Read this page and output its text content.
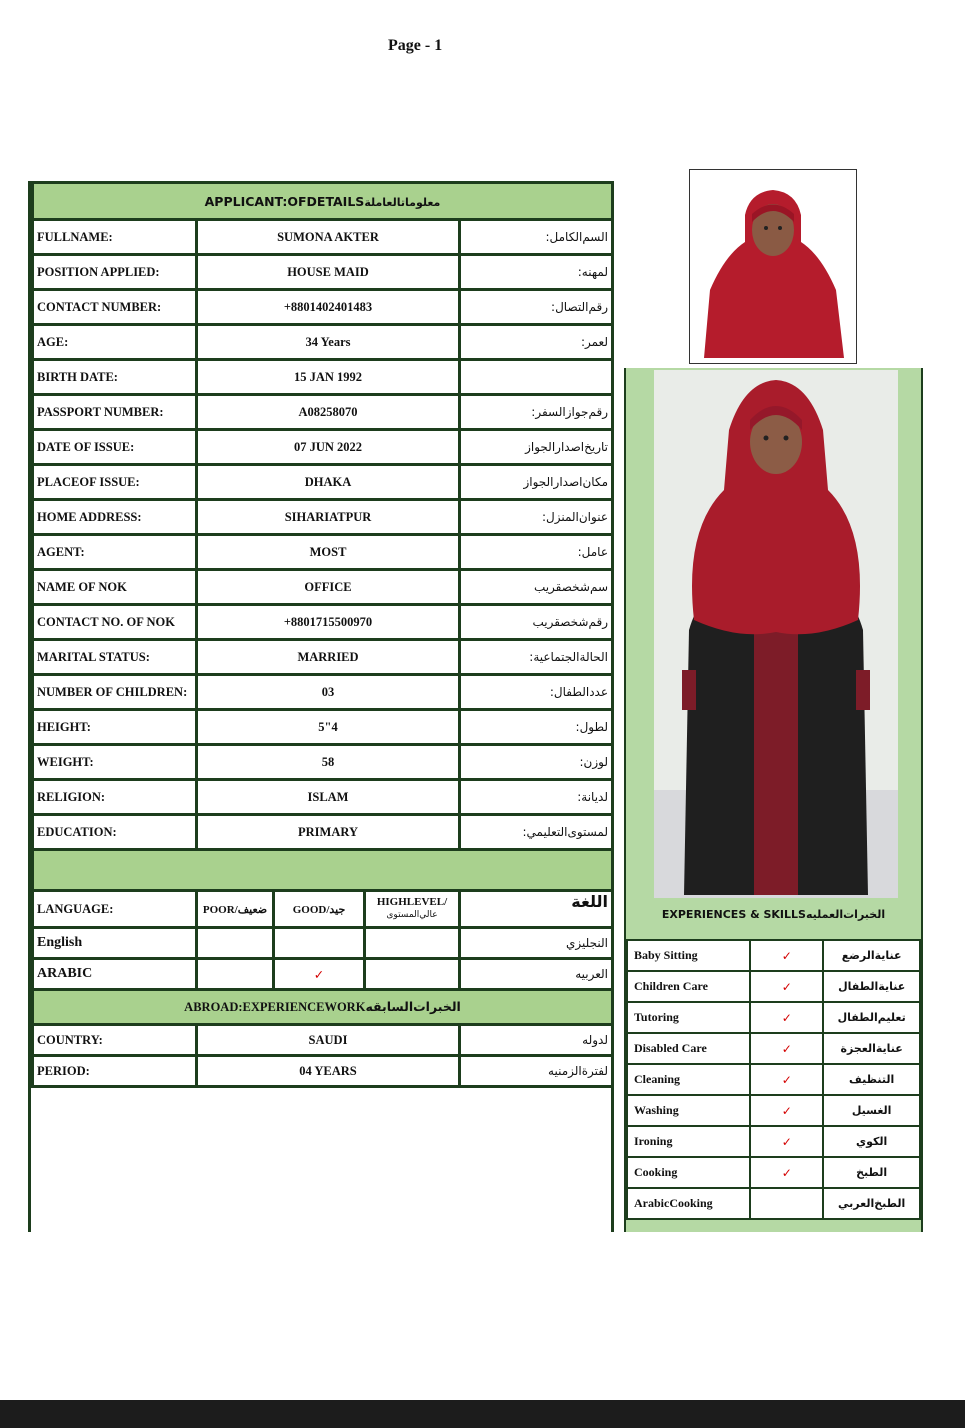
Page - 1
APPLICANT:OFDETAILSمعلوماتالعاملة				
FULLNAME:	SUMONA AKTER			السم‌الكامل:
POSITION APPLIED:	HOUSE MAID			لمهنه:
CONTACT NUMBER:	+8801402401483			رقم‌التصال:
AGE:	34 Years			لعمر:
BIRTH DATE:	15 JAN 1992			
PASSPORT NUMBER:	A08258070			رقم‌جوازالسفر:
DATE OF ISSUE:	07 JUN 2022			تاريخ‌اصدارالجواز
PLACEOF ISSUE:	DHAKA			مكان‌اصدارالجواز
HOME ADDRESS:	SIHARIATPUR			عنوان‌المنزل:
AGENT:	MOST			عامل:
NAME OF NOK	OFFICE			سم‌شخصقريب
CONTACT NO. OF NOK	+8801715500970			رقم‌شخصقريب
MARITAL STATUS:	MARRIED			الحالة‌الجتماعية:
NUMBER OF CHILDREN:	03			عددالطفال:
HEIGHT:	5"4			لطول:
WEIGHT:	58			لوزن:
RELIGION:	ISLAM			لديانة:
EDUCATION:	PRIMARY			لمستوى‌التعليمي:

LANGUAGE:	POOR/ضعيف	GOOD/جيد	HIGHLEVEL/
عالي‌المستوى	اللغة
English				النجليزي
ARABIC		✓		العربيه
ABROAD:EXPERIENCEWORKالخبرات‌السابقه				
COUNTRY:	SAUDI			لدوله
PERIOD:	04 YEARS			لفترةالزمنيه
EXPERIENCES & SKILLSالخبرات‌العمليه
Baby Sitting	✓	عناية‌الرضع
Children Care	✓	عناية‌الطفال
Tutoring	✓	تعليم‌الطفال
Disabled Care	✓	عناية‌العجزة
Cleaning	✓	التنظيف
Washing	✓	الغسيل
Ironing	✓	الكوي
Cooking	✓	الطبخ
ArabicCooking		الطبخ‌العربي
